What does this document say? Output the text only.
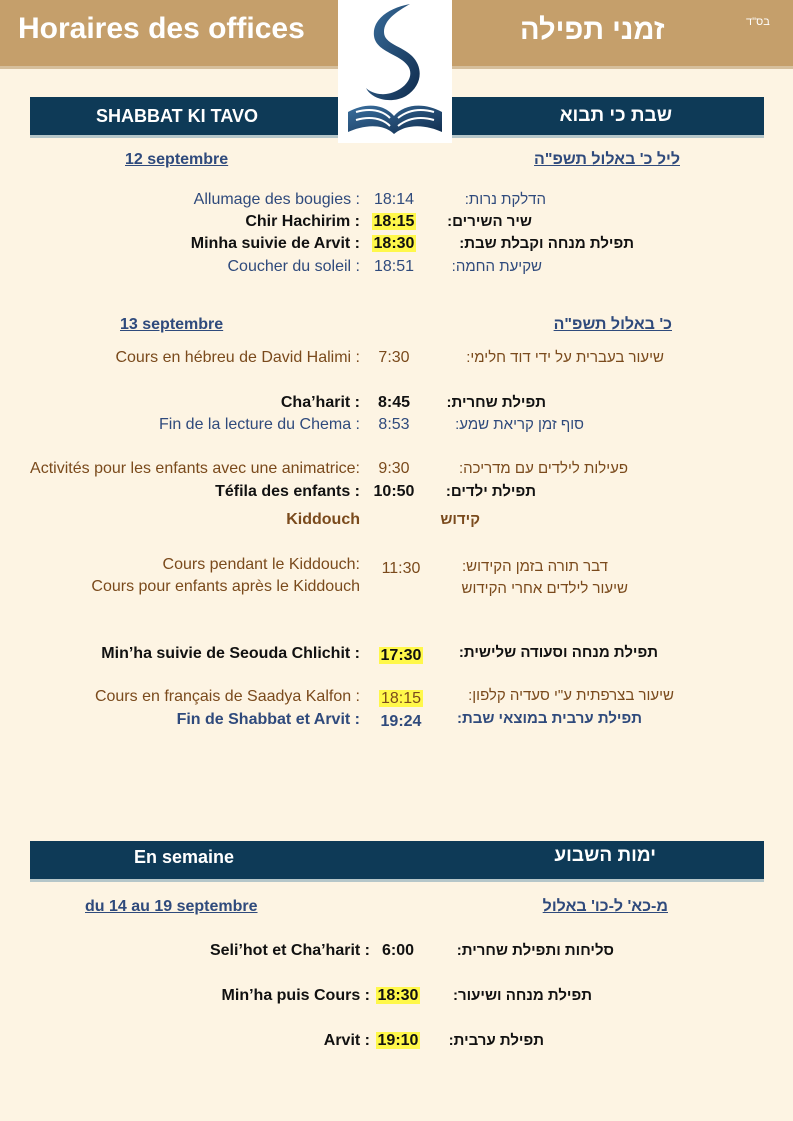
Horaires des offices	זמני תפילה	בס"ד
SHABBAT KI TAVO	שבת כי תבוא
12 septembre	ליל כ' באלול תשפ"ה
Allumage des bougies : 18:14	הדלקת נרות:
Chir Hachirim : 18:15	שיר השירים:
Minha suivie de Arvit : 18:30	תפילת מנחה וקבלת שבת:
Coucher du soleil : 18:51	שקיעת החמה:
13 septembre	כ' באלול תשפ"ה
Cours en hébreu de David Halimi :	7:30	שיעור בעברית על ידי דוד חלימי:
Cha’harit :	8:45	תפילת שחרית:
Fin de la lecture du Chema :	8:53	סוף זמן קריאת שמע:
Activités pour les enfants avec une animatrice:	9:30	פעילות לילדים עם מדריכה:
Téfila des enfants : 10:50	תפילת ילדים:
Kiddouch	קידוש
Cours pendant le Kiddouch: 11:30	דבר תורה בזמן הקידוש:
Cours pour enfants après le Kiddouch	שיעור לילדים אחרי הקידוש
Min’ha suivie de Seouda Chlichit : 17:30	תפילת מנחה וסעודה שלישית:
Cours en français de Saadya Kalfon : 18:15	שיעור בצרפתית ע"י סעדיה קלפון:
Fin de Shabbat et Arvit : 19:24	תפילת ערבית במוצאי שבת:
En semaine	ימות השבוע
du 14 au 19 septembre	מ-כא' ל-כו' באלול
Seli’hot et Cha’harit : 6:00	סליחות ותפילת שחרית:
Min’ha puis Cours : 18:30	תפילת מנחה ושיעור:
Arvit : 19:10	תפילת ערבית:
